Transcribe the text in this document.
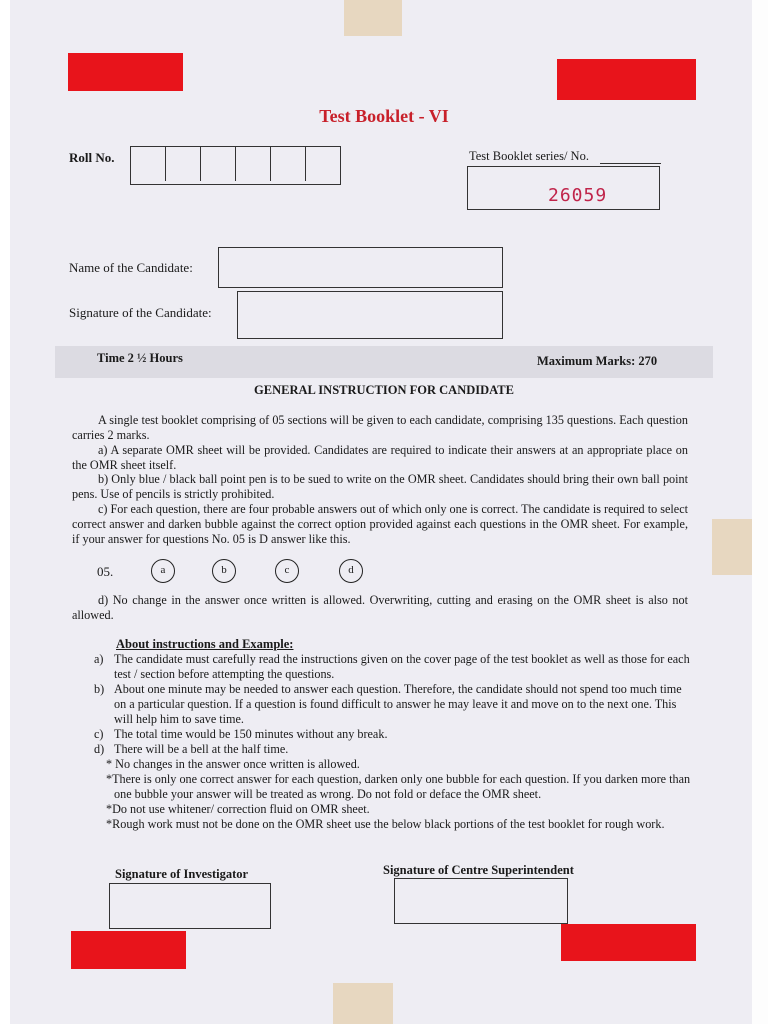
Test Booklet - VI
Roll No.	Test Booklet series/ No.
26059
Name of the Candidate:
Signature of the Candidate:
Time 2 ½ Hours	Maximum Marks: 270
GENERAL INSTRUCTION FOR CANDIDATE
A single test booklet comprising of 05 sections will be given to each candidate, comprising 135 questions. Each question carries 2 marks.
a) A separate OMR sheet will be provided. Candidates are required to indicate their answers at an appropriate place on the OMR sheet itself.
b) Only blue / black ball point pen is to be sued to write on the OMR sheet. Candidates should bring their own ball point pens. Use of pencils is strictly prohibited.
c) For each question, there are four probable answers out of which only one is correct. The candidate is required to select correct answer and darken bubble against the correct option provided against each questions in the OMR sheet. For example, if your answer for questions No. 05 is D answer like this.
05.	a	b	c	d
d) No change in the answer once written is allowed. Overwriting, cutting and erasing on the OMR sheet is also not allowed.
About instructions and Example:
a) The candidate must carefully read the instructions given on the cover page of the test booklet as well as those for each test / section before attempting the questions.
b) About one minute may be needed to answer each question. Therefore, the candidate should not spend too much time on a particular question. If a question is found difficult to answer he may leave it and move on to the next one. This will help him to save time.
c) The total time would be 150 minutes without any break.
d) There will be a bell at the half time.
* No changes in the answer once written is allowed.
*There is only one correct answer for each question, darken only one bubble for each question. If you darken more than one bubble your answer will be treated as wrong. Do not fold or deface the OMR sheet.
*Do not use whitener/ correction fluid on OMR sheet.
*Rough work must not be done on the OMR sheet use the below black portions of the test booklet for rough work.
Signature of Investigator	Signature of Centre Superintendent
